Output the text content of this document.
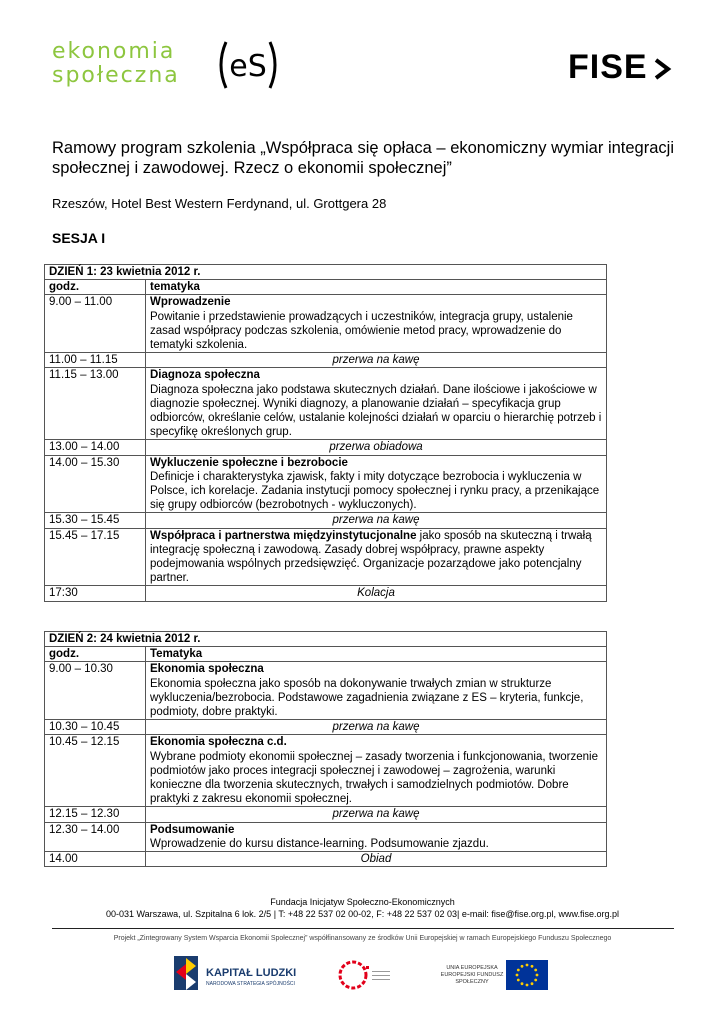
ekonomia
społeczna eS	FISE
Ramowy program szkolenia „Współpraca się opłaca – ekonomiczny wymiar integracji społecznej i zawodowej. Rzecz o ekonomii społecznej”
Rzeszów, Hotel Best Western Ferdynand, ul. Grottgera 28
SESJA I
DZIEŃ 1: 23 kwietnia 2012 r.	
godz.	tematyka
9.00 – 11.00	Wprowadzenie
Powitanie i przedstawienie prowadzących i uczestników, integracja grupy, ustalenie zasad współpracy podczas szkolenia, omówienie metod pracy, wprowadzenie do tematyki szkolenia.

11.00 – 11.15	przerwa na kawę
11.15 – 13.00	Diagnoza społeczna
Diagnoza społeczna jako podstawa skutecznych działań. Dane ilościowe i jakościowe w diagnozie społecznej. Wyniki diagnozy, a planowanie działań – specyfikacja grup odbiorców, określanie celów, ustalanie kolejności działań w oparciu o hierarchię potrzeb i specyfikę określonych grup.

13.00 – 14.00	przerwa obiadowa
14.00 – 15.30	Wykluczenie społeczne i bezrobocie
Definicje i charakterystyka zjawisk, fakty i mity dotyczące bezrobocia i wykluczenia w Polsce, ich korelacje. Zadania instytucji pomocy społecznej i rynku pracy, a przenikające się grupy odbiorców (bezrobotnych - wykluczonych).

15.30 – 15.45	przerwa na kawę
15.45 – 17.15	Współpraca i partnerstwa międzyinstytucjonalne jako sposób na skuteczną i trwałą integrację społeczną i zawodową. Zasady dobrej współpracy, prawne aspekty podejmowania wspólnych przedsięwzięć. Organizacje pozarządowe jako potencjalny partner.
17:30	Kolacja
DZIEŃ 2: 24 kwietnia 2012 r.	
godz.	Tematyka
9.00 – 10.30	Ekonomia społeczna
Ekonomia społeczna jako sposób na dokonywanie trwałych zmian w strukturze wykluczenia/bezrobocia. Podstawowe zagadnienia związane z ES – kryteria, funkcje, podmioty, dobre praktyki.

10.30 – 10.45	przerwa na kawę
10.45 – 12.15	Ekonomia społeczna c.d.
Wybrane podmioty ekonomii społecznej – zasady tworzenia i funkcjonowania, tworzenie podmiotów jako proces integracji społecznej i zawodowej – zagrożenia, warunki konieczne dla tworzenia skutecznych, trwałych i samodzielnych podmiotów. Dobre praktyki z zakresu ekonomii społecznej.

12.15 – 12.30	przerwa na kawę
12.30 – 14.00	Podsumowanie
Wprowadzenie do kursu distance-learning. Podsumowanie zjazdu.

14.00	Obiad
Fundacja Inicjatyw Społeczno-Ekonomicznych
00-031 Warszawa, ul. Szpitalna 6 lok. 2/5 | T: +48 22 537 02 00-02, F: +48 22 537 02 03| e-mail: fise@fise.org.pl, www.fise.org.pl
Projekt „Zintegrowany System Wsparcia Ekonomii Społecznej” współfinansowany ze środków Unii Europejskiej w ramach Europejskiego Funduszu Społecznego
KAPITAŁ LUDZKI
NARODOWA STRATEGIA SPÓJNOŚCI
UNIA EUROPEJSKA EUROPEJSKI FUNDUSZ SPOŁECZNY
